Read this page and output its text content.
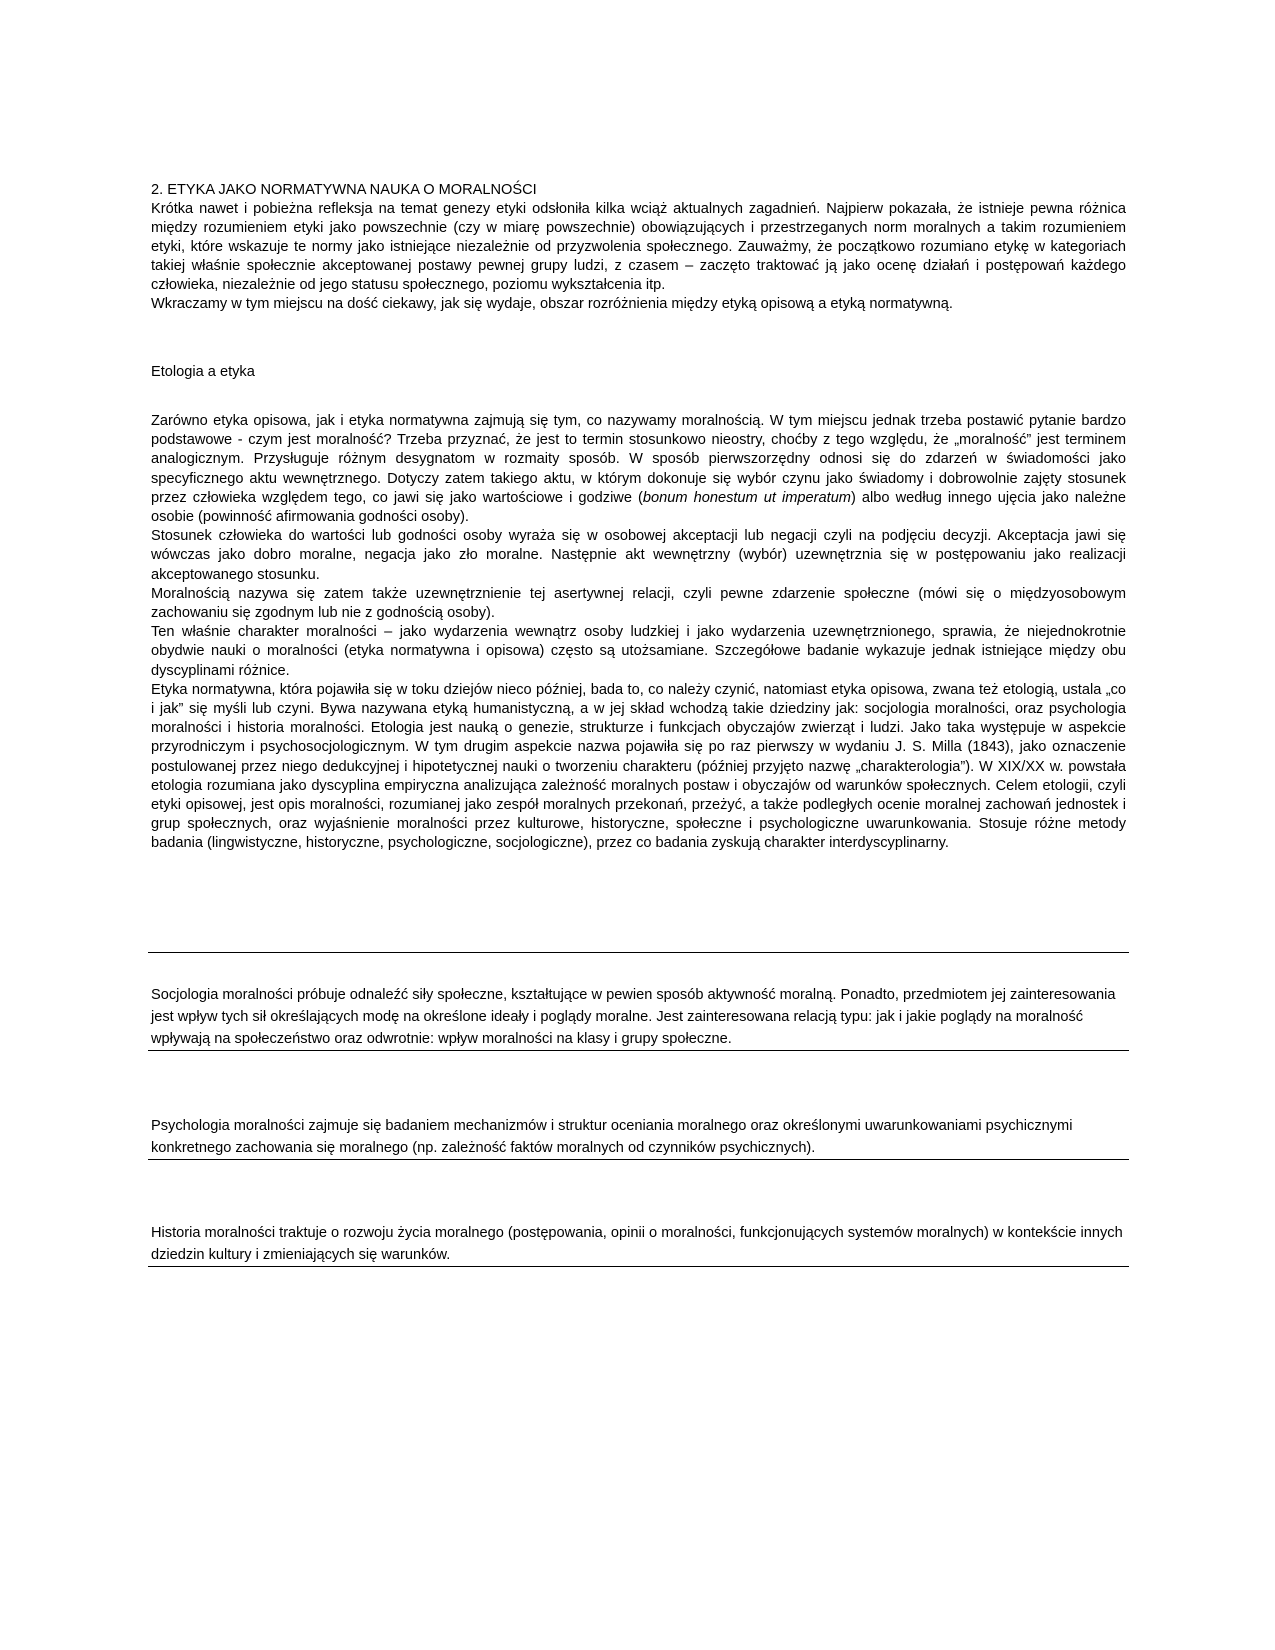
2. ETYKA JAKO NORMATYWNA NAUKA O MORALNOŚCI

Krótka nawet i pobieżna refleksja na temat genezy etyki odsłoniła kilka wciąż aktualnych zagadnień. Najpierw pokazała, że istnieje pewna różnica między rozumieniem etyki jako powszechnie (czy w miarę powszechnie) obowiązujących i przestrzeganych norm moralnych a takim rozumieniem etyki, które wskazuje te normy jako istniejące niezależnie od przyzwolenia społecznego. Zauważmy, że początkowo rozumiano etykę w kategoriach takiej właśnie społecznie akceptowanej postawy pewnej grupy ludzi, z czasem – zaczęto traktować ją jako ocenę działań i postępowań każdego człowieka, niezależnie od jego statusu społecznego, poziomu wykształcenia itp.

Wkraczamy w tym miejscu na dość ciekawy, jak się wydaje, obszar rozróżnienia między etyką opisową a etyką normatywną.

Etologia a etyka

Zarówno etyka opisowa, jak i etyka normatywna zajmują się tym, co nazywamy moralnością. W tym miejscu jednak trzeba postawić pytanie bardzo podstawowe - czym jest moralność? Trzeba przyznać, że jest to termin stosunkowo nieostry, choćby z tego względu, że „moralność” jest terminem analogicznym. Przysługuje różnym desygnatom w rozmaity sposób. W sposób pierwszorzędny odnosi się do zdarzeń w świadomości jako specyficznego aktu wewnętrznego. Dotyczy zatem takiego aktu, w którym dokonuje się wybór czynu jako świadomy i dobrowolnie zajęty stosunek przez człowieka względem tego, co jawi się jako wartościowe i godziwe (bonum honestum ut imperatum) albo według innego ujęcia jako należne osobie (powinność afirmowania godności osoby).

Stosunek człowieka do wartości lub godności osoby wyraża się w osobowej akceptacji lub negacji czyli na podjęciu decyzji. Akceptacja jawi się wówczas jako dobro moralne, negacja jako zło moralne. Następnie akt wewnętrzny (wybór) uzewnętrznia się w postępowaniu jako realizacji akceptowanego stosunku.

Moralnością nazywa się zatem także uzewnętrznienie tej asertywnej relacji, czyli pewne zdarzenie społeczne (mówi się o międzyosobowym zachowaniu się zgodnym lub nie z godnością osoby).

Ten właśnie charakter moralności – jako wydarzenia wewnątrz osoby ludzkiej i jako wydarzenia uzewnętrznionego, sprawia, że niejednokrotnie obydwie nauki o moralności (etyka normatywna i opisowa) często są utożsamiane. Szczegółowe badanie wykazuje jednak istniejące między obu dyscyplinami różnice.

Etyka normatywna, która pojawiła się w toku dziejów nieco później, bada to, co należy czynić, natomiast etyka opisowa, zwana też etologią, ustala „co i jak” się myśli lub czyni. Bywa nazywana etyką humanistyczną, a w jej skład wchodzą takie dziedziny jak: socjologia moralności, oraz psychologia moralności i historia moralności. Etologia jest nauką o genezie, strukturze i funkcjach obyczajów zwierząt i ludzi. Jako taka występuje w aspekcie przyrodniczym i psychosocjologicznym. W tym drugim aspekcie nazwa pojawiła się po raz pierwszy w wydaniu J. S. Milla (1843), jako oznaczenie postulowanej przez niego dedukcyjnej i hipotetycznej nauki o tworzeniu charakteru (później przyjęto nazwę „charakterologia”). W XIX/XX w. powstała etologia rozumiana jako dyscyplina empiryczna analizująca zależność moralnych postaw i obyczajów od warunków społecznych. Celem etologii, czyli etyki opisowej, jest opis moralności, rozumianej jako zespół moralnych przekonań, przeżyć, a także podległych ocenie moralnej zachowań jednostek i grup społecznych, oraz wyjaśnienie moralności przez kulturowe, historyczne, społeczne i psychologiczne uwarunkowania. Stosuje różne metody badania (lingwistyczne, historyczne, psychologiczne, socjologiczne), przez co badania zyskują charakter interdyscyplinarny.

Socjologia moralności próbuje odnaleźć siły społeczne, kształtujące w pewien sposób aktywność moralną. Ponadto, przedmiotem jej zainteresowania jest wpływ tych sił określających modę na określone ideały i poglądy moralne. Jest zainteresowana relacją typu: jak i jakie poglądy na moralność wpływają na społeczeństwo oraz odwrotnie: wpływ moralności na klasy i grupy społeczne.

Psychologia moralności zajmuje się badaniem mechanizmów i struktur oceniania moralnego oraz określonymi uwarunkowaniami psychicznymi konkretnego zachowania się moralnego (np. zależność faktów moralnych od czynników psychicznych).

Historia moralności traktuje o rozwoju życia moralnego (postępowania, opinii o moralności, funkcjonujących systemów moralnych) w kontekście innych dziedzin kultury i zmieniających się warunków.
